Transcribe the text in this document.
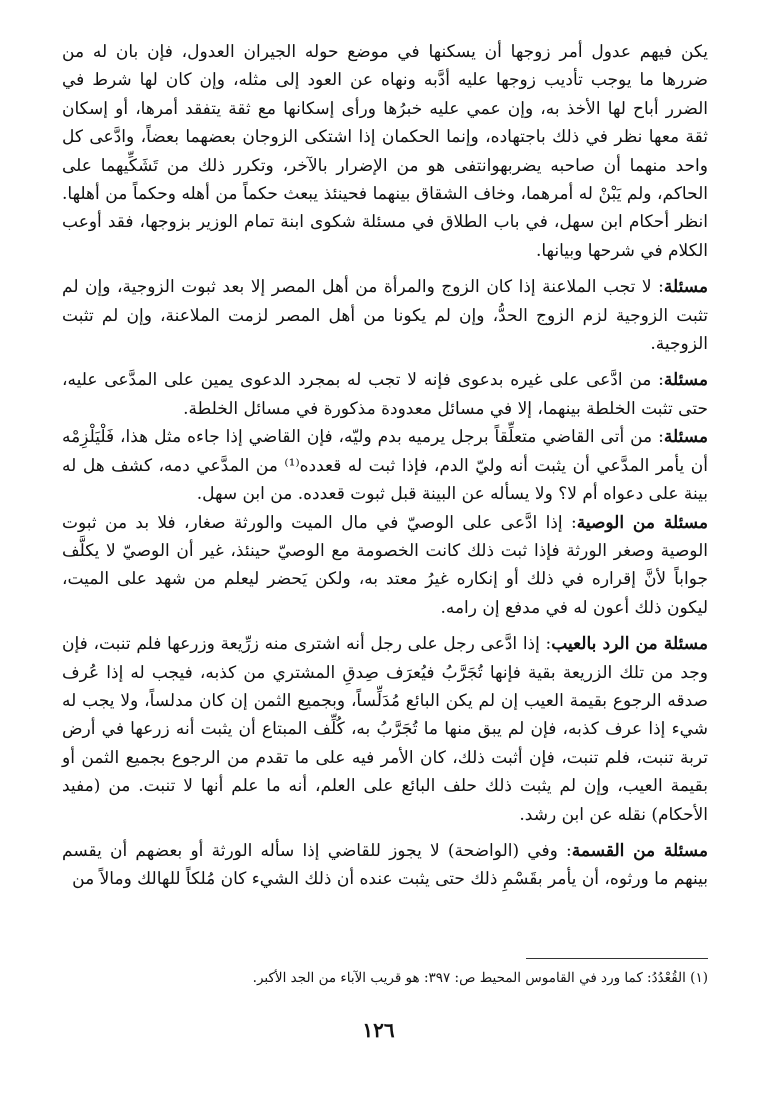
يكن فيهم عدول أمر زوجها أن يسكنها في موضع حوله الجيران العدول، فإن بان له من ضررها ما يوجب تأديب زوجها عليه أدَّبه ونهاه عن العود إلى مثله، وإن كان لها شرط في الضرر أباح لها الأخذ به، وإن عمي عليه خبرُها ورأى إسكانها مع ثقة يتفقد أمرها، أو إسكان ثقة معها نظر في ذلك باجتهاده، وإنما الحكمان إذا اشتكى الزوجان بعضهما بعضاً، وادَّعى كل واحد منهما أن صاحبه يضربهوانتفى هو من الإضرار بالآخر، وتكرر ذلك من تَشَكِّيهما على الحاكم، ولم يَبْنْ له أمرهما، وخاف الشقاق بينهما فحينئذ يبعث حكماً من أهله وحكماً من أهلها. انظر أحكام ابن سهل، في باب الطلاق في مسئلة شكوى ابنة تمام الوزير بزوجها، فقد أوعب الكلام في شرحها وبيانها.

مسئلة: لا تجب الملاعنة إذا كان الزوج والمرأة من أهل المصر إلا بعد ثبوت الزوجية، وإن لم تثبت الزوجية لزم الزوج الحدُّ، وإن لم يكونا من أهل المصر لزمت الملاعنة، وإن لم تثبت الزوجية.

مسئلة: من ادَّعى على غيره بدعوى فإنه لا تجب له بمجرد الدعوى يمين على المدَّعى عليه، حتى تثبت الخلطة بينهما، إلا في مسائل معدودة مذكورة في مسائل الخلطة.

مسئلة: من أتى القاضي متعلِّقاً برجل يرميه بدم وليّه، فإن القاضي إذا جاءه مثل هذا، فَلْيَلْزِمْه أن يأمر المدَّعي أن يثبت أنه وليّ الدم، فإذا ثبت له قعدده⁽¹⁾ من المدَّعي دمه، كشف هل له بينة على دعواه أم لا؟ ولا يسأله عن البينة قبل ثبوت قعدده. من ابن سهل.

مسئلة من الوصية: إذا ادَّعى على الوصيّ في مال الميت والورثة صغار، فلا بد من ثبوت الوصية وصغر الورثة فإذا ثبت ذلك كانت الخصومة مع الوصيّ حينئذ، غير أن الوصيّ لا يكلَّف جواباً لأنَّ إقراره في ذلك أو إنكاره غيرُ معتد به، ولكن يَحضر ليعلم من شهد على الميت، ليكون ذلك أعون له في مدفع إن رامه.

مسئلة من الرد بالعيب: إذا ادَّعى رجل على رجل أنه اشترى منه زرِّيعة وزرعها فلم تنبت، فإن وجد من تلك الزريعة بقية فإنها تُجَرَّبُ فيُعرَف صِدقِ المشتري من كذبه، فيجب له إذا عُرف صدقه الرجوع بقيمة العيب إن لم يكن البائع مُدَلِّساً، وبجميع الثمن إن كان مدلساً، ولا يجب له شيء إذا عرف كذبه، فإن لم يبق منها ما تُجَرَّبُ به، كُلِّف المبتاع أن يثبت أنه زرعها في أرض تربة تنبت، فلم تنبت، فإن أثبت ذلك، كان الأمر فيه على ما تقدم من الرجوع بجميع الثمن أو بقيمة العيب، وإن لم يثبت ذلك حلف البائع على العلم، أنه ما علم أنها لا تنبت. من (مفيد الأحكام) نقله عن ابن رشد.

مسئلة من القسمة: وفي (الواضحة) لا يجوز للقاضي إذا سأله الورثة أو بعضهم أن يقسم بينهم ما ورثوه، أن يأمر بقَسْمِ ذلك حتى يثبت عنده أن ذلك الشيء كان مُلكاً للهالك ومالاً من

(١) القُعْدُدُ: كما ورد في القاموس المحيط ص: ٣٩٧: هو قريب الآباء من الجد الأكبر.
١٢٦
